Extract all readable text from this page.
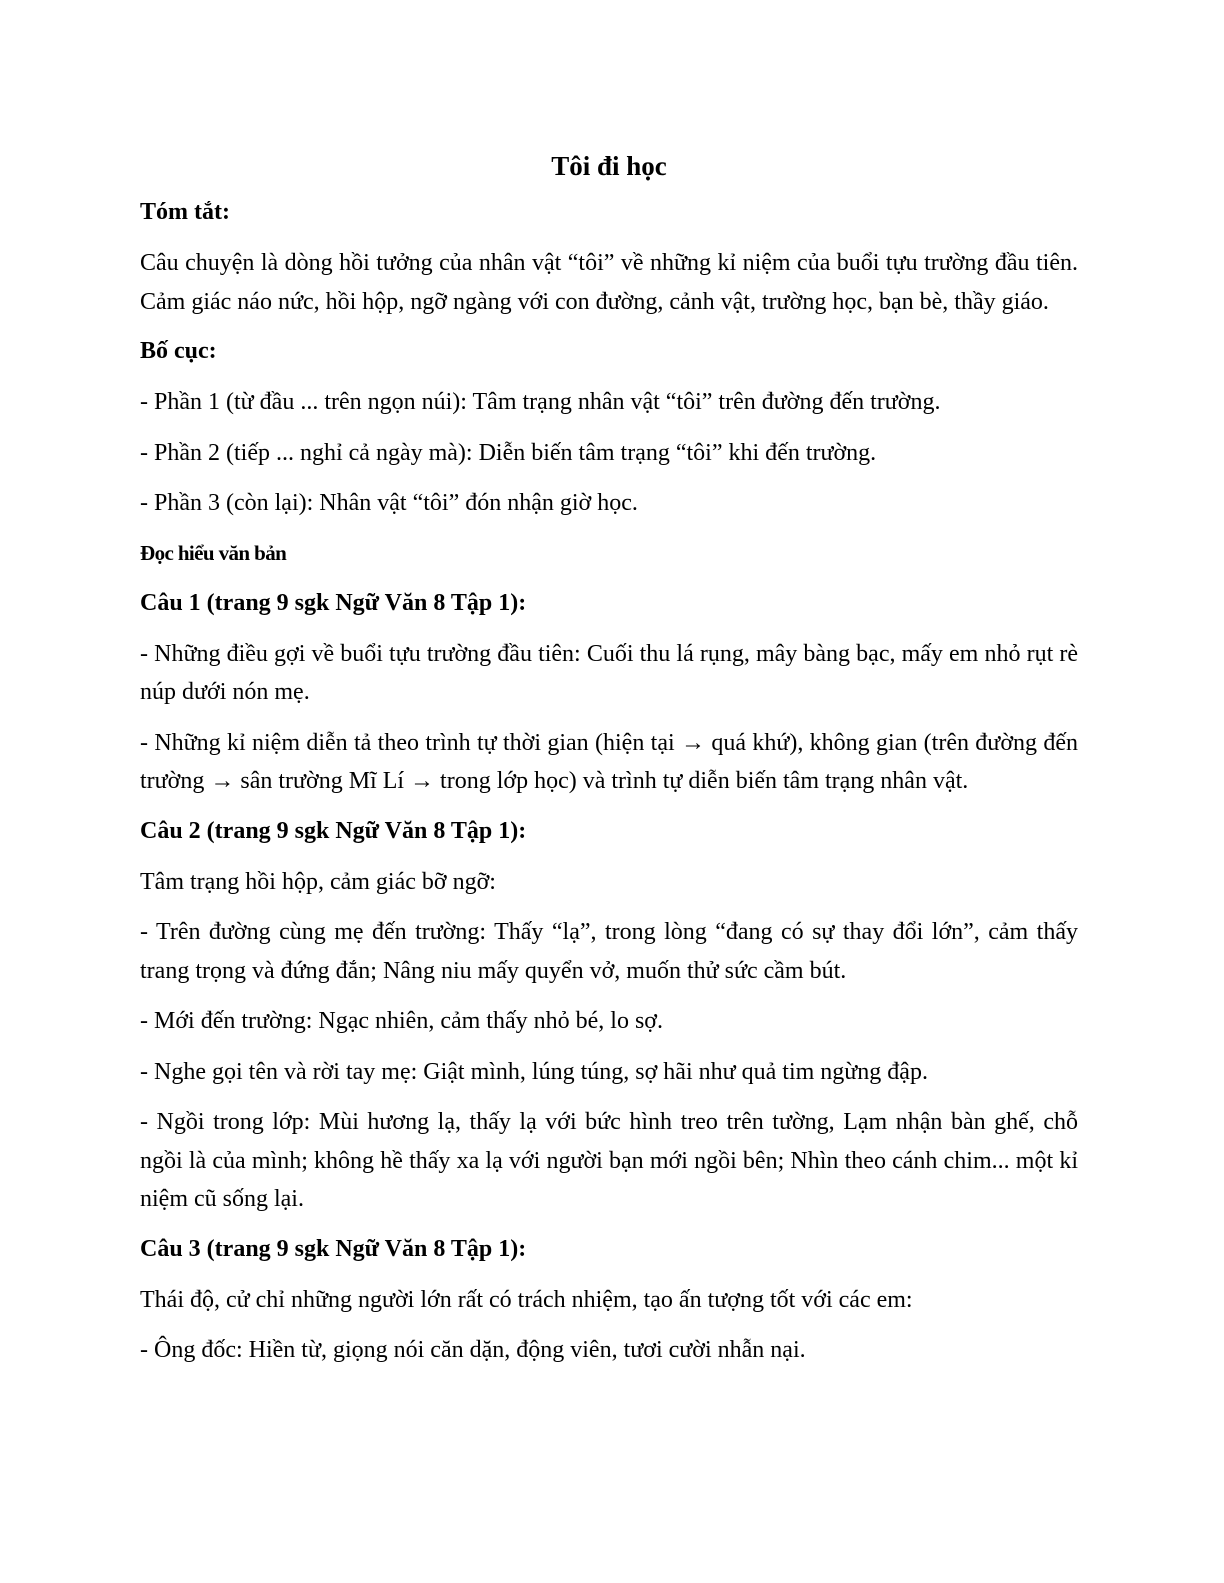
Tôi đi học
Tóm tắt:
Câu chuyện là dòng hồi tưởng của nhân vật “tôi” về những kỉ niệm của buổi tựu trường đầu tiên. Cảm giác náo nức, hồi hộp, ngỡ ngàng với con đường, cảnh vật, trường học, bạn bè, thầy giáo.
Bố cục:
- Phần 1 (từ đầu ... trên ngọn núi): Tâm trạng nhân vật “tôi” trên đường đến trường.
- Phần 2 (tiếp ... nghỉ cả ngày mà): Diễn biến tâm trạng “tôi” khi đến trường.
- Phần 3 (còn lại): Nhân vật “tôi” đón nhận giờ học.
Đọc hiểu văn bản
Câu 1 (trang 9 sgk Ngữ Văn 8 Tập 1):
- Những điều gợi về buổi tựu trường đầu tiên: Cuối thu lá rụng, mây bàng bạc, mấy em nhỏ rụt rè núp dưới nón mẹ.
- Những kỉ niệm diễn tả theo trình tự thời gian (hiện tại → quá khứ), không gian (trên đường đến trường → sân trường Mĩ Lí → trong lớp học) và trình tự diễn biến tâm trạng nhân vật.
Câu 2 (trang 9 sgk Ngữ Văn 8 Tập 1):
Tâm trạng hồi hộp, cảm giác bỡ ngỡ:
- Trên đường cùng mẹ đến trường: Thấy “lạ”, trong lòng “đang có sự thay đổi lớn”, cảm thấy trang trọng và đứng đắn; Nâng niu mấy quyển vở, muốn thử sức cầm bút.
- Mới đến trường: Ngạc nhiên, cảm thấy nhỏ bé, lo sợ.
- Nghe gọi tên và rời tay mẹ: Giật mình, lúng túng, sợ hãi như quả tim ngừng đập.
- Ngồi trong lớp: Mùi hương lạ, thấy lạ với bức hình treo trên tường, Lạm nhận bàn ghế, chỗ ngồi là của mình; không hề thấy xa lạ với người bạn mới ngồi bên; Nhìn theo cánh chim... một kỉ niệm cũ sống lại.
Câu 3 (trang 9 sgk Ngữ Văn 8 Tập 1):
Thái độ, cử chỉ những người lớn rất có trách nhiệm, tạo ấn tượng tốt với các em:
- Ông đốc: Hiền từ, giọng nói căn dặn, động viên, tươi cười nhẫn nại.
